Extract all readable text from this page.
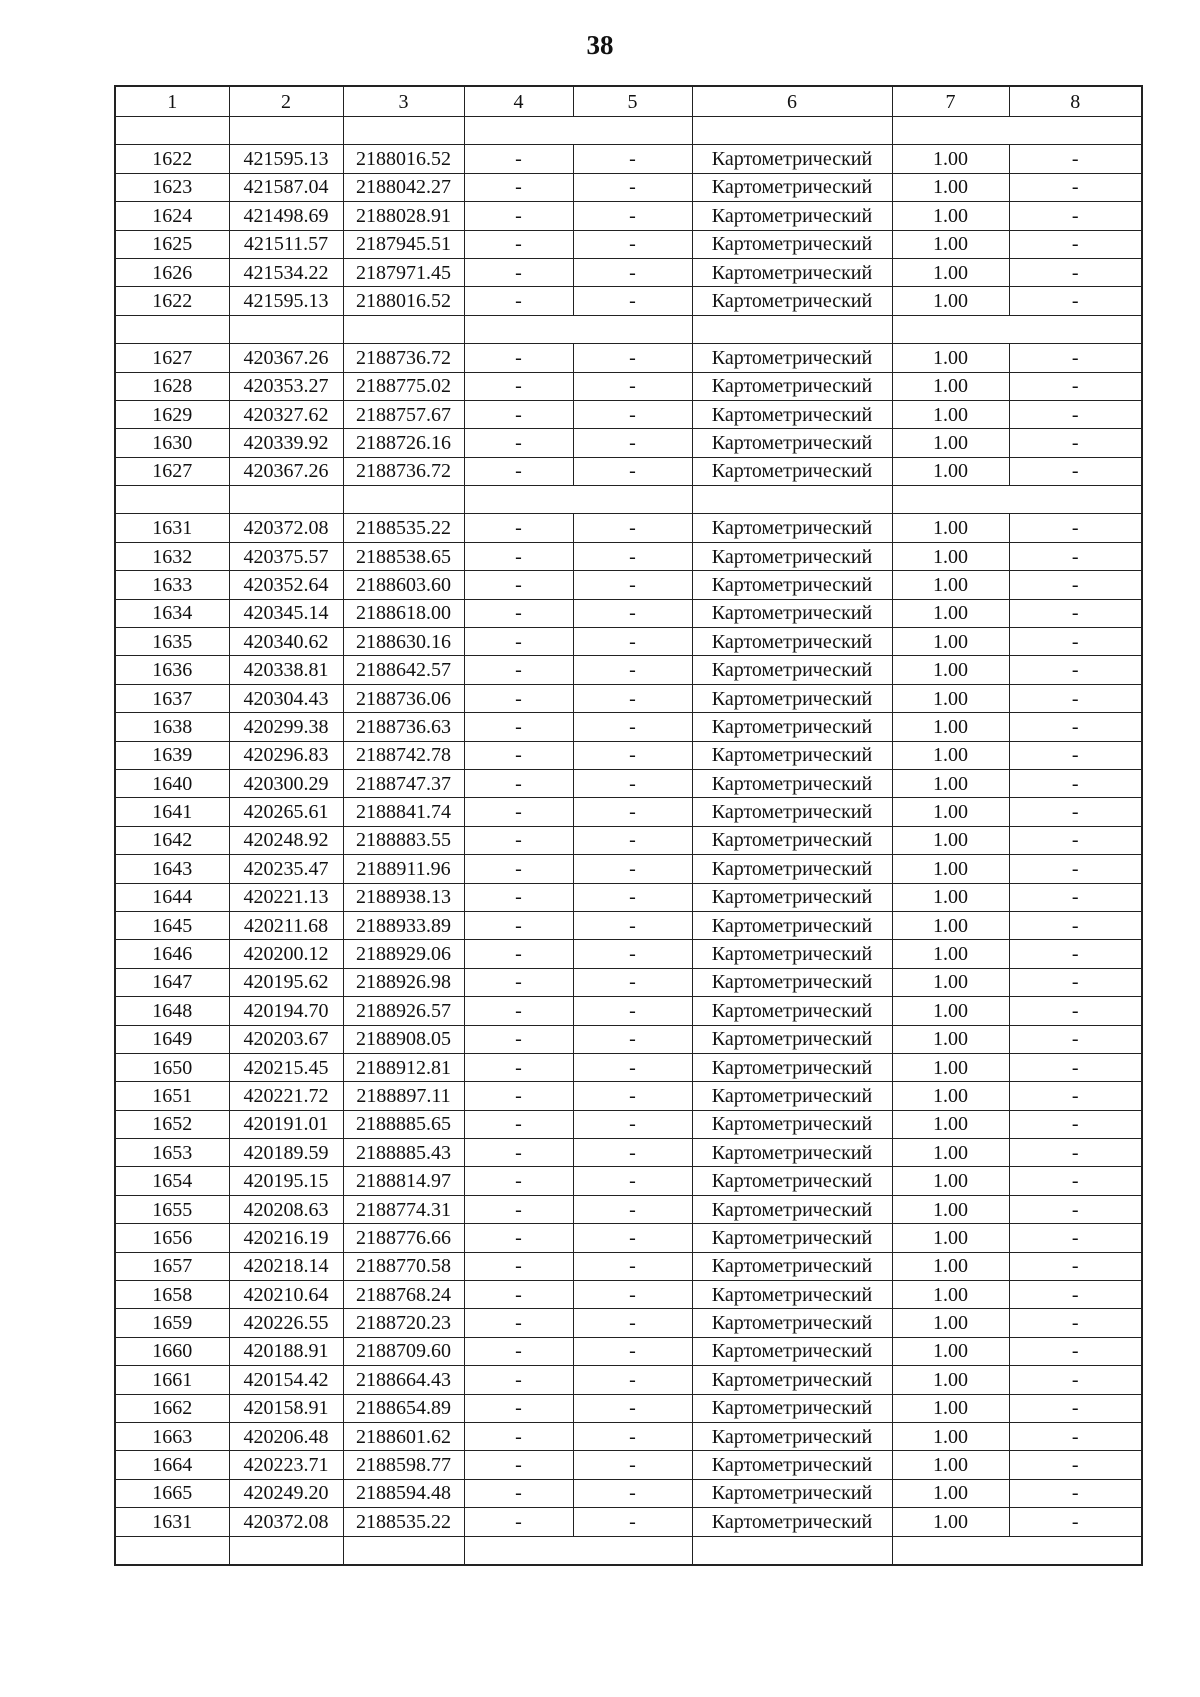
38
1	2	3	4	5	6	7	8

1622	421595.13	2188016.52	-	-	Картометрический	1.00	-
1623	421587.04	2188042.27	-	-	Картометрический	1.00	-
1624	421498.69	2188028.91	-	-	Картометрический	1.00	-
1625	421511.57	2187945.51	-	-	Картометрический	1.00	-
1626	421534.22	2187971.45	-	-	Картометрический	1.00	-
1622	421595.13	2188016.52	-	-	Картометрический	1.00	-

1627	420367.26	2188736.72	-	-	Картометрический	1.00	-
1628	420353.27	2188775.02	-	-	Картометрический	1.00	-
1629	420327.62	2188757.67	-	-	Картометрический	1.00	-
1630	420339.92	2188726.16	-	-	Картометрический	1.00	-
1627	420367.26	2188736.72	-	-	Картометрический	1.00	-

1631	420372.08	2188535.22	-	-	Картометрический	1.00	-
1632	420375.57	2188538.65	-	-	Картометрический	1.00	-
1633	420352.64	2188603.60	-	-	Картометрический	1.00	-
1634	420345.14	2188618.00	-	-	Картометрический	1.00	-
1635	420340.62	2188630.16	-	-	Картометрический	1.00	-
1636	420338.81	2188642.57	-	-	Картометрический	1.00	-
1637	420304.43	2188736.06	-	-	Картометрический	1.00	-
1638	420299.38	2188736.63	-	-	Картометрический	1.00	-
1639	420296.83	2188742.78	-	-	Картометрический	1.00	-
1640	420300.29	2188747.37	-	-	Картометрический	1.00	-
1641	420265.61	2188841.74	-	-	Картометрический	1.00	-
1642	420248.92	2188883.55	-	-	Картометрический	1.00	-
1643	420235.47	2188911.96	-	-	Картометрический	1.00	-
1644	420221.13	2188938.13	-	-	Картометрический	1.00	-
1645	420211.68	2188933.89	-	-	Картометрический	1.00	-
1646	420200.12	2188929.06	-	-	Картометрический	1.00	-
1647	420195.62	2188926.98	-	-	Картометрический	1.00	-
1648	420194.70	2188926.57	-	-	Картометрический	1.00	-
1649	420203.67	2188908.05	-	-	Картометрический	1.00	-
1650	420215.45	2188912.81	-	-	Картометрический	1.00	-
1651	420221.72	2188897.11	-	-	Картометрический	1.00	-
1652	420191.01	2188885.65	-	-	Картометрический	1.00	-
1653	420189.59	2188885.43	-	-	Картометрический	1.00	-
1654	420195.15	2188814.97	-	-	Картометрический	1.00	-
1655	420208.63	2188774.31	-	-	Картометрический	1.00	-
1656	420216.19	2188776.66	-	-	Картометрический	1.00	-
1657	420218.14	2188770.58	-	-	Картометрический	1.00	-
1658	420210.64	2188768.24	-	-	Картометрический	1.00	-
1659	420226.55	2188720.23	-	-	Картометрический	1.00	-
1660	420188.91	2188709.60	-	-	Картометрический	1.00	-
1661	420154.42	2188664.43	-	-	Картометрический	1.00	-
1662	420158.91	2188654.89	-	-	Картометрический	1.00	-
1663	420206.48	2188601.62	-	-	Картометрический	1.00	-
1664	420223.71	2188598.77	-	-	Картометрический	1.00	-
1665	420249.20	2188594.48	-	-	Картометрический	1.00	-
1631	420372.08	2188535.22	-	-	Картометрический	1.00	-
